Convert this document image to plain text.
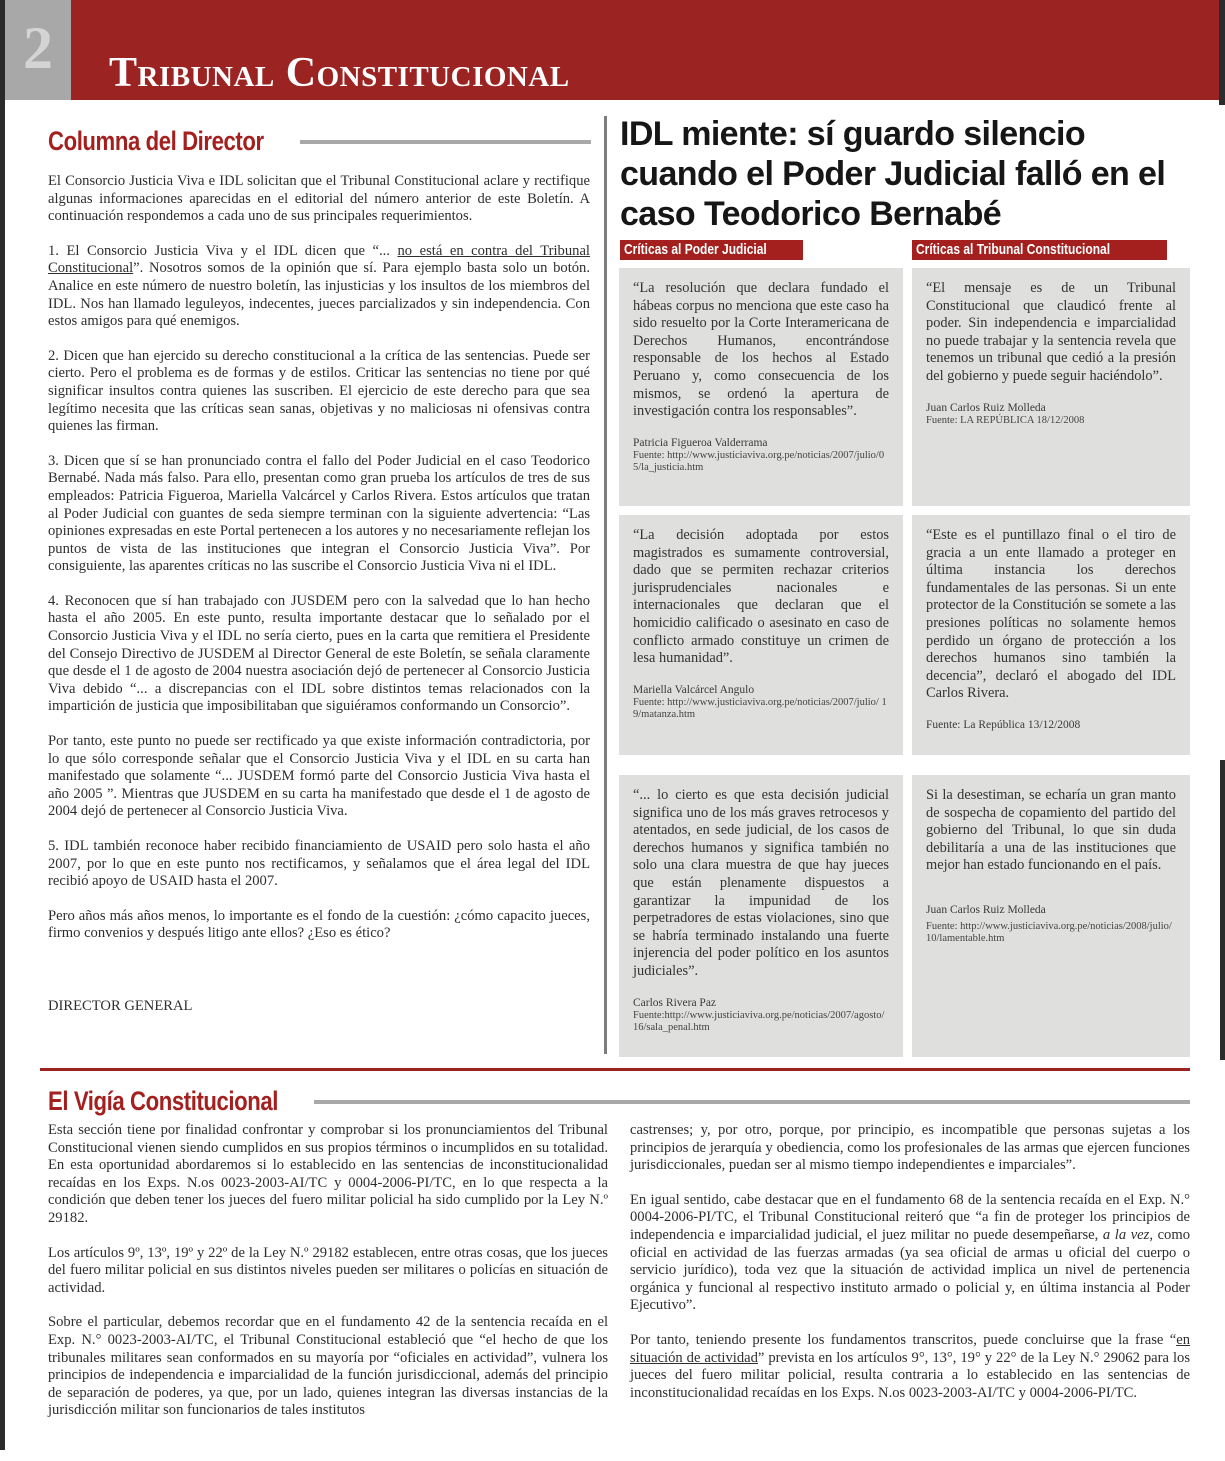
2	Tribunal Constitucional
Columna del Director

El Consorcio Justicia Viva e IDL solicitan que el Tribunal Constitucional aclare y rectifique algunas informaciones aparecidas en el editorial del número anterior de este Boletín. A continuación respondemos a cada uno de sus principales requerimientos.

1. El Consorcio Justicia Viva y el IDL dicen que “... no está en contra del Tribunal Constitucional”. Nosotros somos de la opinión que sí. Para ejemplo basta solo un botón. Analice en este número de nuestro boletín, las injusticias y los insultos de los miembros del IDL. Nos han llamado leguleyos, indecentes, jueces parcializados y sin independencia. Con estos amigos para qué enemigos.

2. Dicen que han ejercido su derecho constitucional a la crítica de las sentencias. Puede ser cierto. Pero el problema es de formas y de estilos. Criticar las sentencias no tiene por qué significar insultos contra quienes las suscriben. El ejercicio de este derecho para que sea legítimo necesita que las críticas sean sanas, objetivas y no maliciosas ni ofensivas contra quienes las firman.

3. Dicen que sí se han pronunciado contra el fallo del Poder Judicial en el caso Teodorico Bernabé. Nada más falso. Para ello, presentan como gran prueba los artículos de tres de sus empleados: Patricia Figueroa, Mariella Valcárcel y Carlos Rivera. Estos artículos que tratan al Poder Judicial con guantes de seda siempre terminan con la siguiente advertencia: “Las opiniones expresadas en este Portal pertenecen a los autores y no necesariamente reflejan los puntos de vista de las instituciones que integran el Consorcio Justicia Viva”. Por consiguiente, las aparentes críticas no las suscribe el Consorcio Justicia Viva ni el IDL.

4. Reconocen que sí han trabajado con JUSDEM pero con la salvedad que lo han hecho hasta el año 2005. En este punto, resulta importante destacar que lo señalado por el Consorcio Justicia Viva y el IDL no sería cierto, pues en la carta que remitiera el Presidente del Consejo Directivo de JUSDEM al Director General de este Boletín, se señala claramente que desde el 1 de agosto de 2004 nuestra asociación dejó de pertenecer al Consorcio Justicia Viva debido “... a discrepancias con el IDL sobre distintos temas relacionados con la impartición de justicia que imposibilitaban que siguiéramos conformando un Consorcio”.

Por tanto, este punto no puede ser rectificado ya que existe información contradictoria, por lo que sólo corresponde señalar que el Consorcio Justicia Viva y el IDL en su carta han manifestado que solamente “... JUSDEM formó parte del Consorcio Justicia Viva hasta el año 2005 ”. Mientras que JUSDEM en su carta ha manifestado que desde el 1 de agosto de 2004 dejó de pertenecer al Consorcio Justicia Viva.

5. IDL también reconoce haber recibido financiamiento de USAID pero solo hasta el año 2007, por lo que en este punto nos rectificamos, y señalamos que el área legal del IDL recibió apoyo de USAID hasta el 2007.

Pero años más años menos, lo importante es el fondo de la cuestión: ¿cómo capacito jueces, firmo convenios y después litigo ante ellos? ¿Eso es ético?

DIRECTOR GENERAL
IDL miente: sí guardo silencio cuando el Poder Judicial falló en el caso Teodorico Bernabé
Críticas al Poder Judicial	Críticas al Tribunal Constitucional
“La resolución que declara fundado el hábeas corpus no menciona que este caso ha sido resuelto por la Corte Interamericana de Derechos Humanos, encontrándose responsable de los hechos al Estado Peruano y, como consecuencia de los mismos, se ordenó la apertura de investigación contra los responsables”.
Patricia Figueroa Valderrama
Fuente: http://www.justiciaviva.org.pe/noticias/2007/julio/05/la_justicia.htm
“La decisión adoptada por estos magistrados es sumamente controversial, dado que se permiten rechazar criterios jurisprudenciales nacionales e internacionales que declaran que el homicidio calificado o asesinato en caso de conflicto armado constituye un crimen de lesa humanidad”.
Mariella Valcárcel Angulo
Fuente: http://www.justiciaviva.org.pe/noticias/2007/julio/ 19/matanza.htm
“... lo cierto es que esta decisión judicial significa uno de los más graves retrocesos y atentados, en sede judicial, de los casos de derechos humanos y significa también no solo una clara muestra de que hay jueces que están plenamente dispuestos a garantizar la impunidad de los perpetradores de estas violaciones, sino que se habría terminado instalando una fuerte injerencia del poder político en los asuntos judiciales”.
Carlos Rivera Paz
Fuente:http://www.justiciaviva.org.pe/noticias/2007/agosto/ 16/sala_penal.htm
“El mensaje es de un Tribunal Constitucional que claudicó frente al poder. Sin independencia e imparcialidad no puede trabajar y la sentencia revela que tenemos un tribunal que cedió a la presión del gobierno y puede seguir haciéndolo”.
Juan Carlos Ruiz Molleda
Fuente: LA REPÚBLICA 18/12/2008
“Este es el puntillazo final o el tiro de gracia a un ente llamado a proteger en última instancia los derechos fundamentales de las personas. Si un ente protector de la Constitución se somete a las presiones políticas no solamente hemos perdido un órgano de protección a los derechos humanos sino también la decencia”, declaró el abogado del IDL Carlos Rivera.
Fuente: La República 13/12/2008
Si la desestiman, se echaría un gran manto de sospecha de copamiento del partido del gobierno del Tribunal, lo que sin duda debilitaría a una de las instituciones que mejor han estado funcionando en el país.
Juan Carlos Ruiz Molleda
Fuente: http://www.justiciaviva.org.pe/noticias/2008/julio/10/lamentable.htm
El Vigía Constitucional

Esta sección tiene por finalidad confrontar y comprobar si los pronunciamientos del Tribunal Constitucional vienen siendo cumplidos en sus propios términos o incumplidos en su totalidad. En esta oportunidad abordaremos si lo establecido en las sentencias de inconstitucionalidad recaídas en los Exps. N.os 0023-2003-AI/TC y 0004-2006-PI/TC, en lo que respecta a la condición que deben tener los jueces del fuero militar policial ha sido cumplido por la Ley N.º 29182.

Los artículos 9º, 13º, 19º y 22º de la Ley N.º 29182 establecen, entre otras cosas, que los jueces del fuero militar policial en sus distintos niveles pueden ser militares o policías en situación de actividad.

Sobre el particular, debemos recordar que en el fundamento 42 de la sentencia recaída en el Exp. N.° 0023-2003-AI/TC, el Tribunal Constitucional estableció que “el hecho de que los tribunales militares sean conformados en su mayoría por “oficiales en actividad”, vulnera los principios de independencia e imparcialidad de la función jurisdiccional, además del principio de separación de poderes, ya que, por un lado, quienes integran las diversas instancias de la jurisdicción militar son funcionarios de tales institutos

castrenses; y, por otro, porque, por principio, es incompatible que personas sujetas a los principios de jerarquía y obediencia, como los profesionales de las armas que ejercen funciones jurisdiccionales, puedan ser al mismo tiempo independientes e imparciales”.

En igual sentido, cabe destacar que en el fundamento 68 de la sentencia recaída en el Exp. N.° 0004-2006-PI/TC, el Tribunal Constitucional reiteró que “a fin de proteger los principios de independencia e imparcialidad judicial, el juez militar no puede desempeñarse, a la vez, como oficial en actividad de las fuerzas armadas (ya sea oficial de armas u oficial del cuerpo o servicio jurídico), toda vez que la situación de actividad implica un nivel de pertenencia orgánica y funcional al respectivo instituto armado o policial y, en última instancia al Poder Ejecutivo”.

Por tanto, teniendo presente los fundamentos transcritos, puede concluirse que la frase “en situación de actividad” prevista en los artículos 9°, 13°, 19° y 22° de la Ley N.° 29062 para los jueces del fuero militar policial, resulta contraria a lo establecido en las sentencias de inconstitucionalidad recaídas en los Exps. N.os 0023-2003-AI/TC y 0004-2006-PI/TC.
